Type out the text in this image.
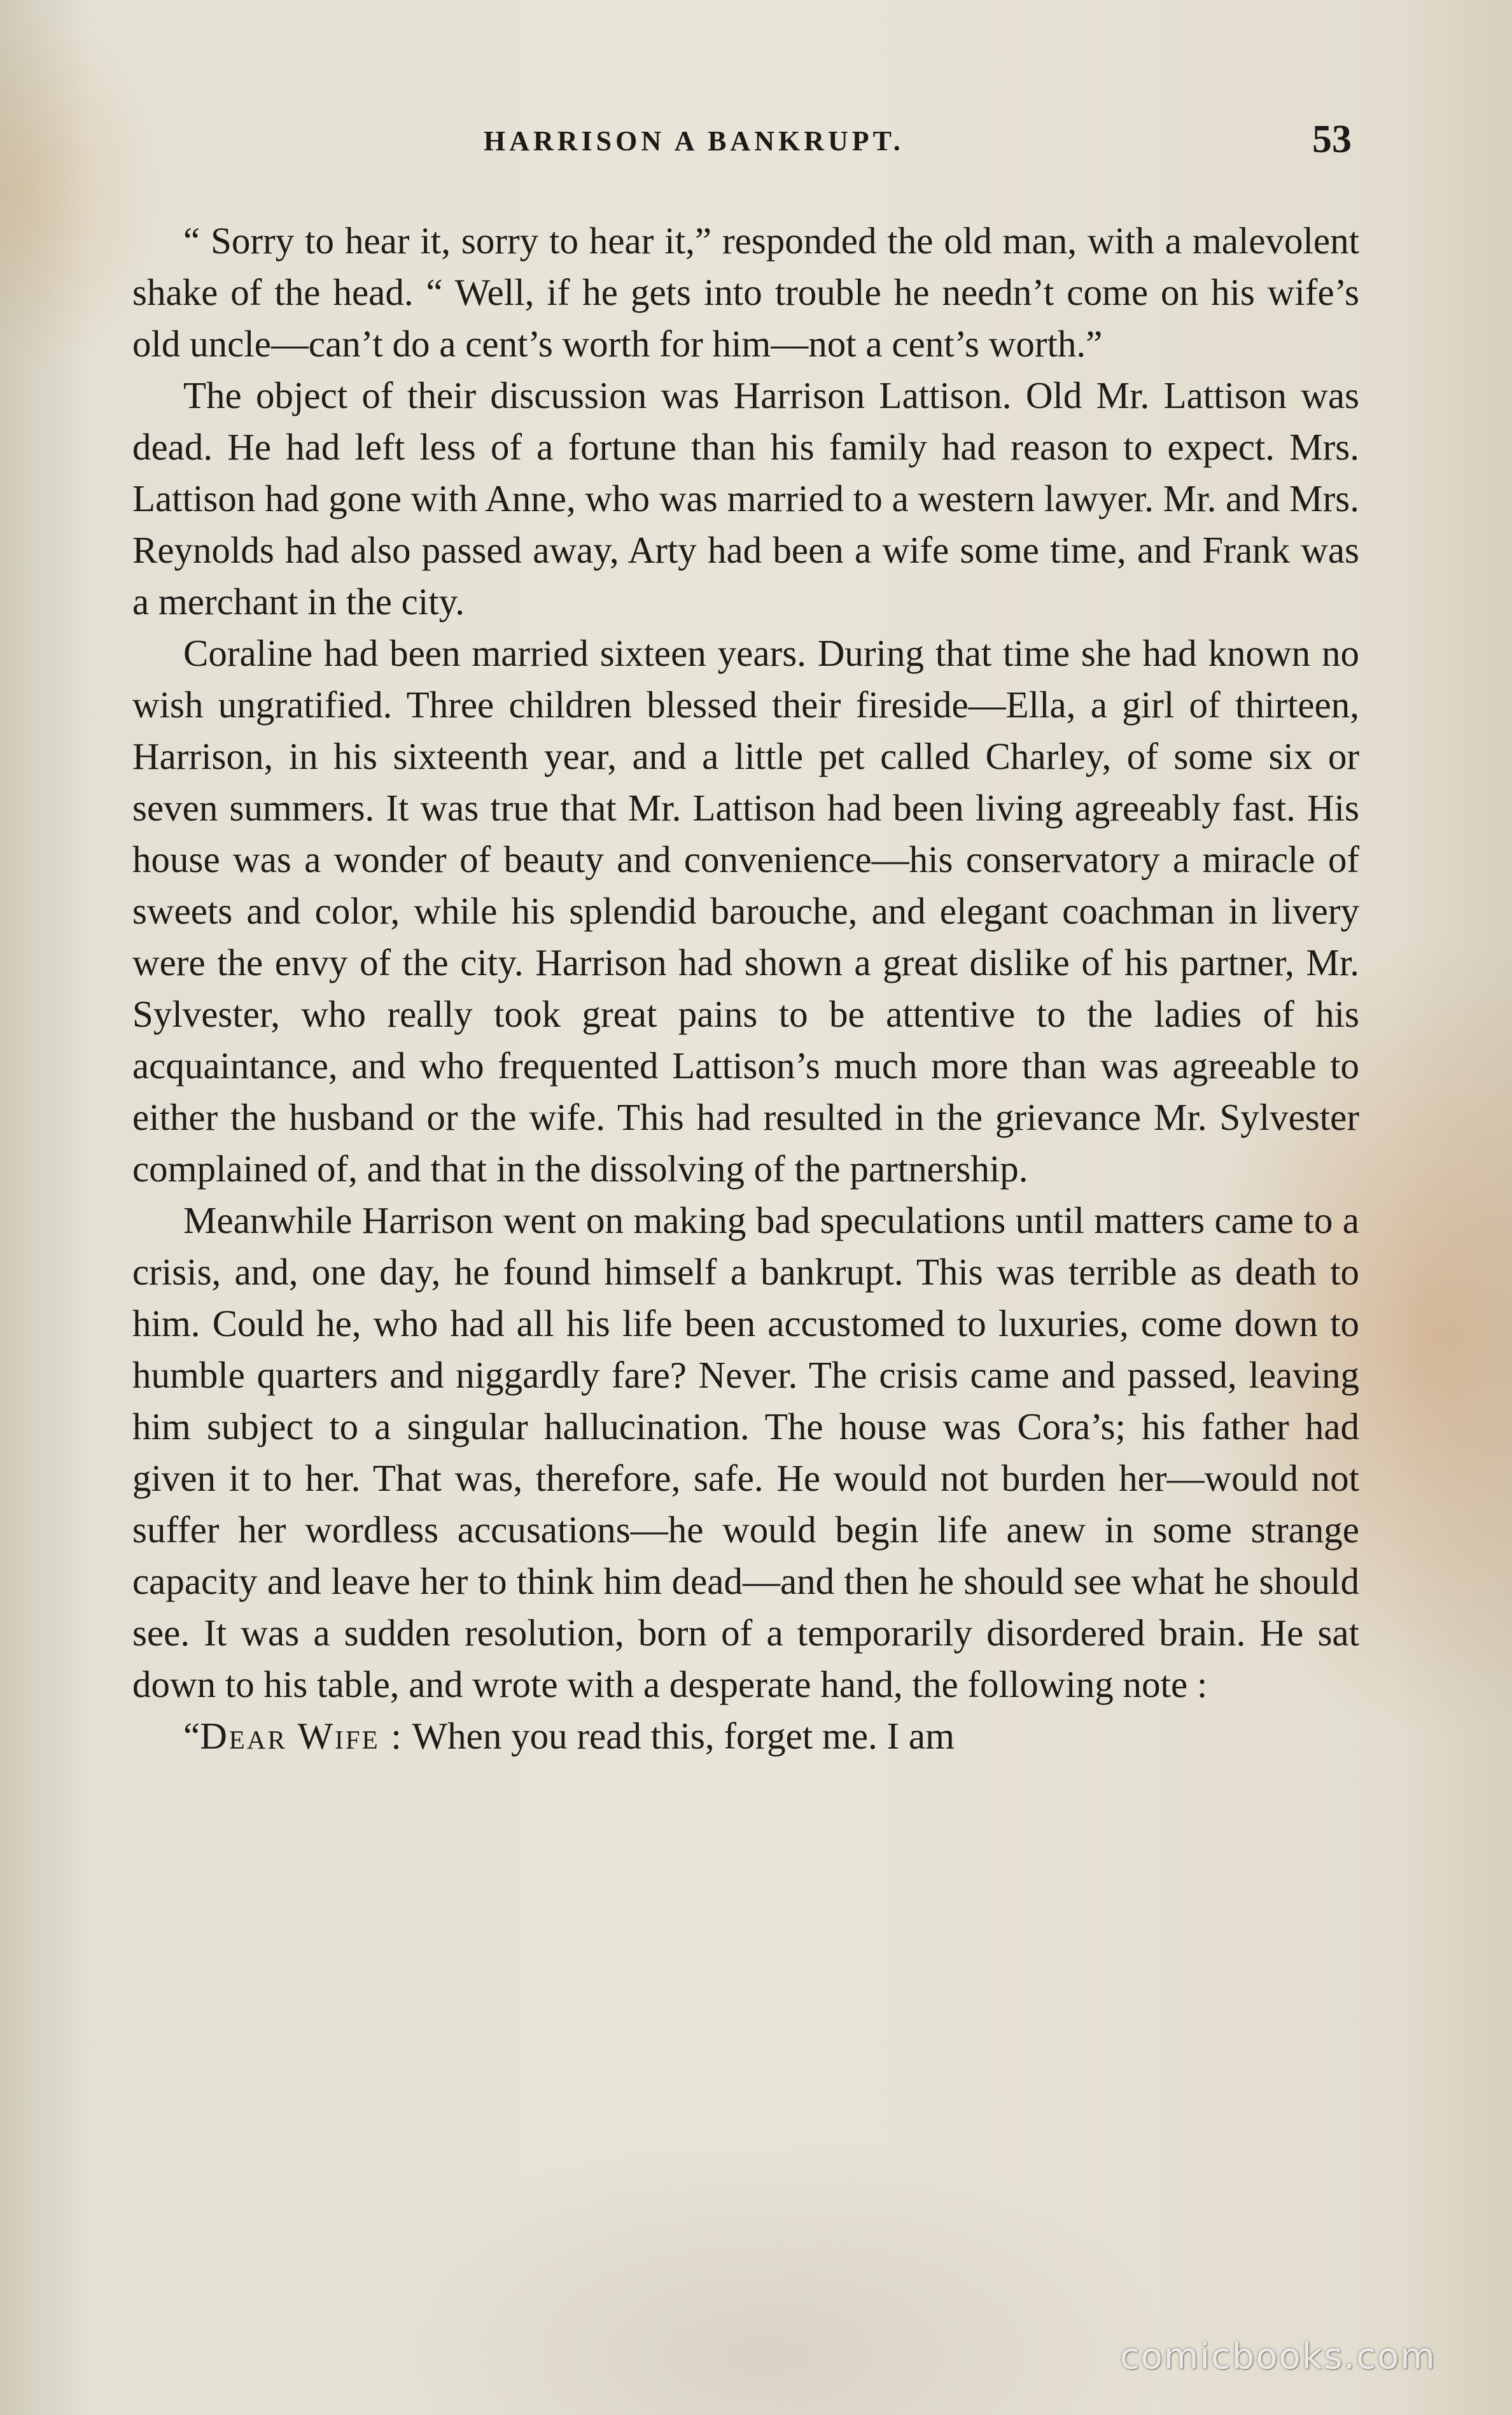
HARRISON A BANKRUPT.	53

“ Sorry to hear it, sorry to hear it,” responded the old man, with a malevolent shake of the head. “ Well, if he gets into trouble he needn’t come on his wife’s old uncle—can’t do a cent’s worth for him—not a cent’s worth.”

The object of their discussion was Harrison Lattison. Old Mr. Lattison was dead. He had left less of a fortune than his family had reason to expect. Mrs. Lattison had gone with Anne, who was married to a western lawyer. Mr. and Mrs. Reynolds had also passed away, Arty had been a wife some time, and Frank was a merchant in the city.

Coraline had been married sixteen years. During that time she had known no wish ungratified. Three children blessed their fireside—Ella, a girl of thirteen, Harrison, in his sixteenth year, and a little pet called Charley, of some six or seven summers. It was true that Mr. Lattison had been living agreeably fast. His house was a wonder of beauty and convenience—his conservatory a miracle of sweets and color, while his splendid barouche, and elegant coachman in livery were the envy of the city. Harrison had shown a great dislike of his partner, Mr. Sylvester, who really took great pains to be attentive to the ladies of his acquaintance, and who frequented Lattison’s much more than was agreeable to either the husband or the wife. This had resulted in the grievance Mr. Sylvester complained of, and that in the dissolving of the partnership.

Meanwhile Harrison went on making bad speculations until matters came to a crisis, and, one day, he found himself a bankrupt. This was terrible as death to him. Could he, who had all his life been accustomed to luxuries, come down to humble quarters and niggardly fare? Never. The crisis came and passed, leaving him subject to a singular hallucination. The house was Cora’s; his father had given it to her. That was, therefore, safe. He would not burden her—would not suffer her wordless accusations—he would begin life anew in some strange capacity and leave her to think him dead—and then he should see what he should see. It was a sudden resolution, born of a temporarily disordered brain. He sat down to his table, and wrote with a desperate hand, the following note :

“Dear Wife : When you read this, forget me. I am

comicbooks.com
